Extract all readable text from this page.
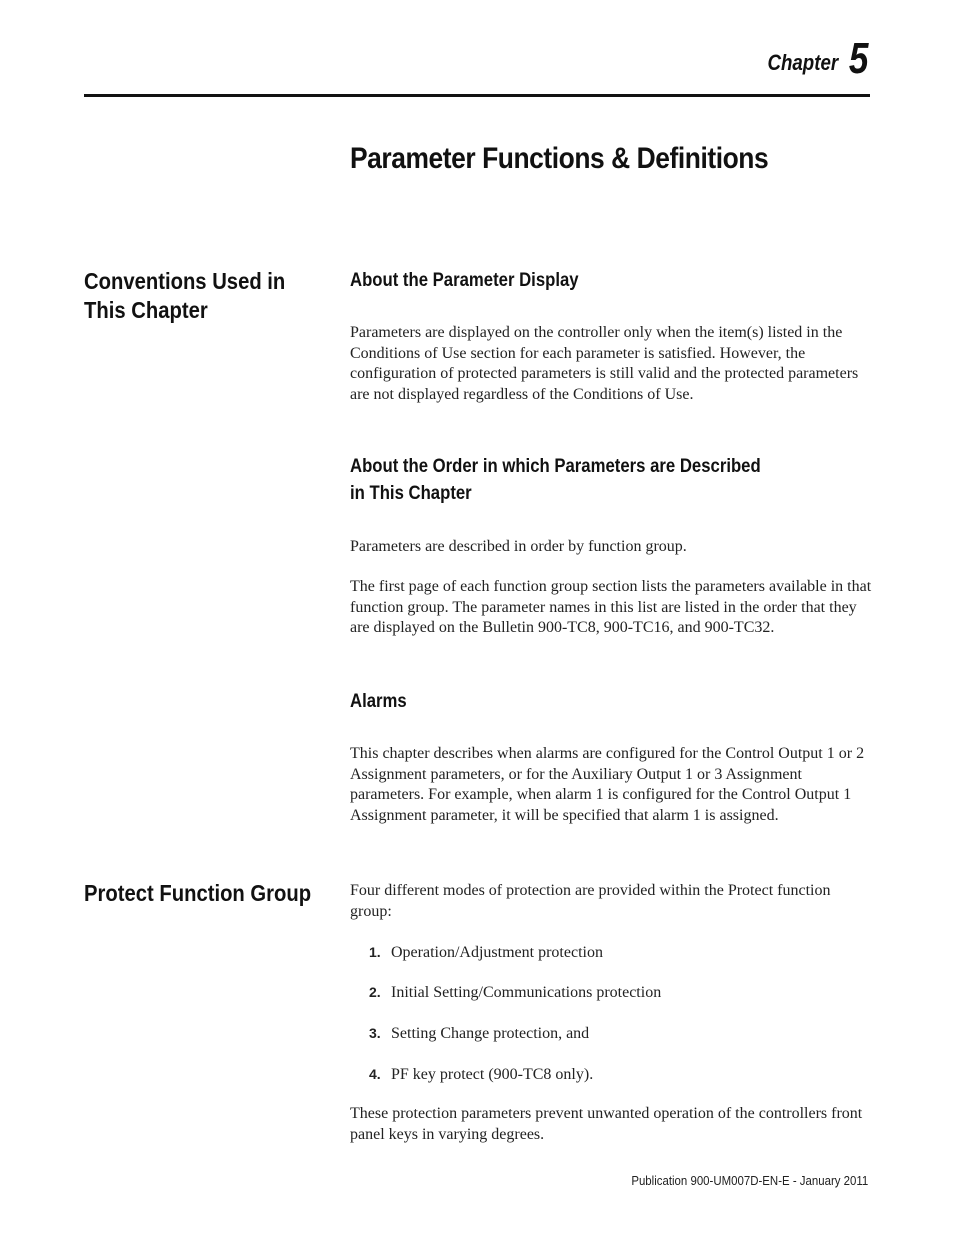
Chapter 5
Parameter Functions & Definitions
Conventions Used in This Chapter
About the Parameter Display

Parameters are displayed on the controller only when the item(s) listed in the Conditions of Use section for each parameter is satisfied. However, the configuration of protected parameters is still valid and the protected parameters are not displayed regardless of the Conditions of Use.

About the Order in which Parameters are Described
in This Chapter

Parameters are described in order by function group.

The first page of each function group section lists the parameters available in that function group. The parameter names in this list are listed in the order that they are displayed on the Bulletin 900-TC8, 900-TC16, and 900-TC32.

Alarms

This chapter describes when alarms are configured for the Control Output 1 or 2 Assignment parameters, or for the Auxiliary Output 1 or 3 Assignment parameters. For example, when alarm 1 is configured for the Control Output 1 Assignment parameter, it will be specified that alarm 1 is assigned.

Protect Function Group Four different modes of protection are provided within the Protect function group:

1. Operation/Adjustment protection
2. Initial Setting/Communications protection
3. Setting Change protection, and
4. PF key protect (900-TC8 only).

These protection parameters prevent unwanted operation of the controllers front panel keys in varying degrees.

Publication 900-UM007D-EN-E - January 2011
